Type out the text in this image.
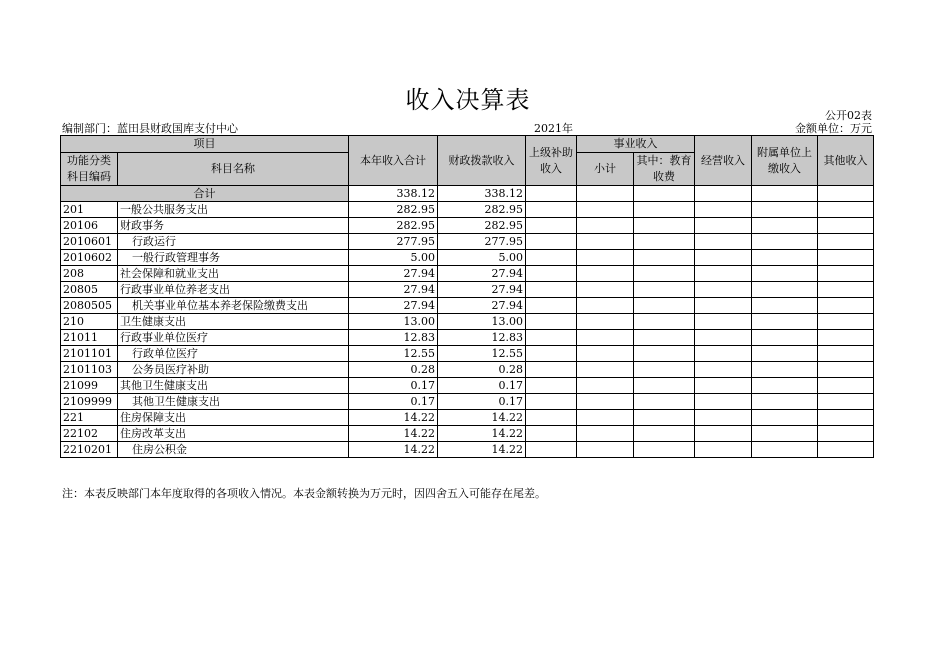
收入决算表
公开02表
编制部门：蓝田县财政国库支付中心	2021年	金额单位：万元
项目		本年收入合计	财政拨款收入	上级补助收入	事业收入		经营收入	附属单位上缴收入	其他收入
功能分类科目编码	科目名称								
					小计	其中：教育收费			
合计		338.12	338.12						
201	一般公共服务支出	282.95	282.95						
20106	财政事务	282.95	282.95						
2010601	行政运行	277.95	277.95						
2010602	一般行政管理事务	5.00	5.00						
208	社会保障和就业支出	27.94	27.94						
20805	行政事业单位养老支出	27.94	27.94						
2080505	机关事业单位基本养老保险缴费支出	27.94	27.94						
210	卫生健康支出	13.00	13.00						
21011	行政事业单位医疗	12.83	12.83						
2101101	行政单位医疗	12.55	12.55						
2101103	公务员医疗补助	0.28	0.28						
21099	其他卫生健康支出	0.17	0.17						
2109999	其他卫生健康支出	0.17	0.17						
221	住房保障支出	14.22	14.22						
22102	住房改革支出	14.22	14.22						
2210201	住房公积金	14.22	14.22						
注：本表反映部门本年度取得的各项收入情况。本表金额转换为万元时，因四舍五入可能存在尾差。
